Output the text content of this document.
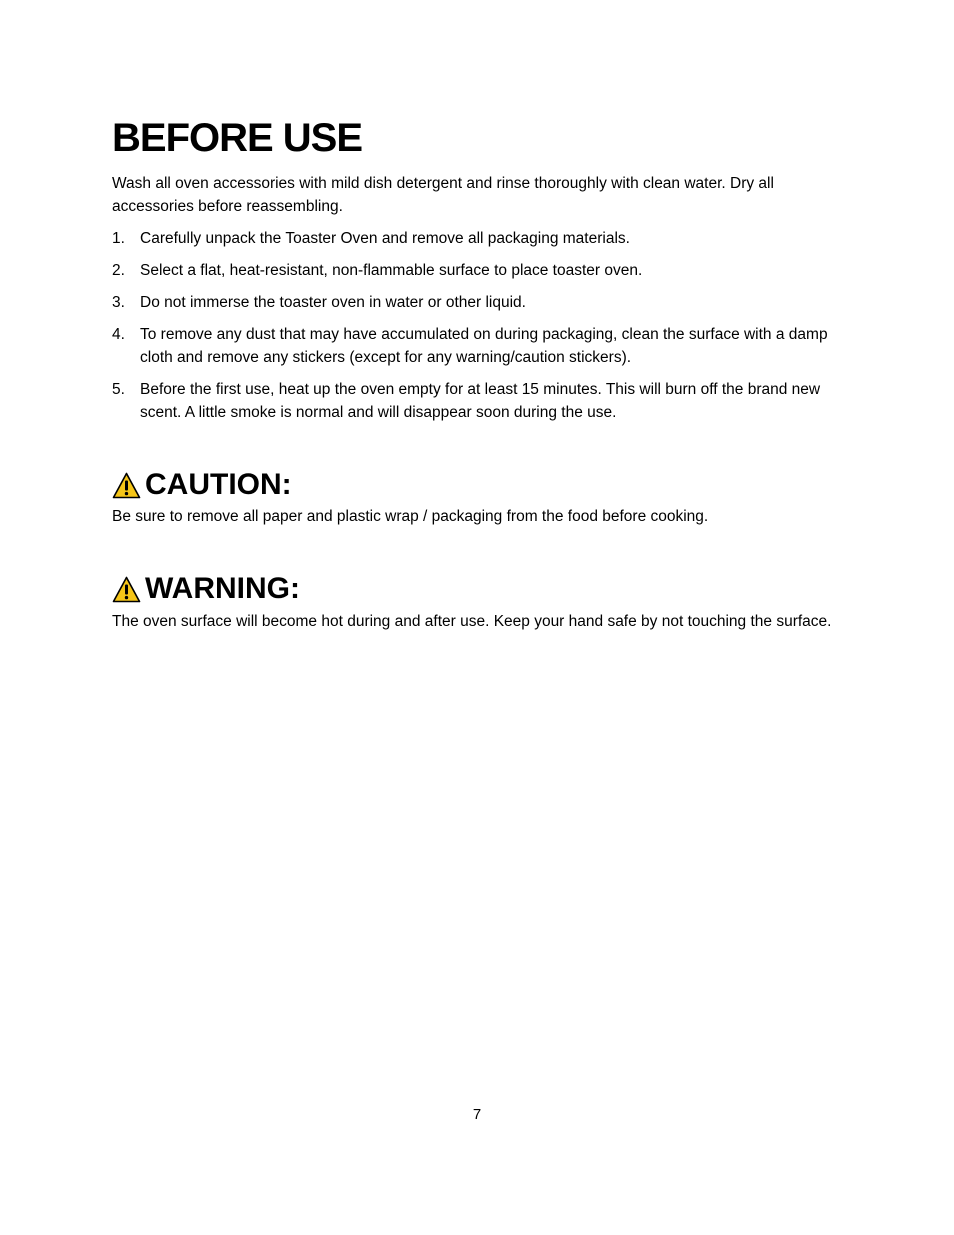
BEFORE USE

Wash all oven accessories with mild dish detergent and rinse thoroughly with clean water. Dry all accessories before reassembling.

1. Carefully unpack the Toaster Oven and remove all packaging materials.
2. Select a flat, heat-resistant, non-flammable surface to place toaster oven.
3. Do not immerse the toaster oven in water or other liquid.
4. To remove any dust that may have accumulated on during packaging, clean the surface with a damp cloth and remove any stickers (except for any warning/caution stickers).
5. Before the first use, heat up the oven empty for at least 15 minutes. This will burn off the brand new scent. A little smoke is normal and will disappear soon during the use.
CAUTION:

Be sure to remove all paper and plastic wrap / packaging from the food before cooking.

WARNING:

The oven surface will become hot during and after use. Keep your hand safe by not touching the surface.

7
